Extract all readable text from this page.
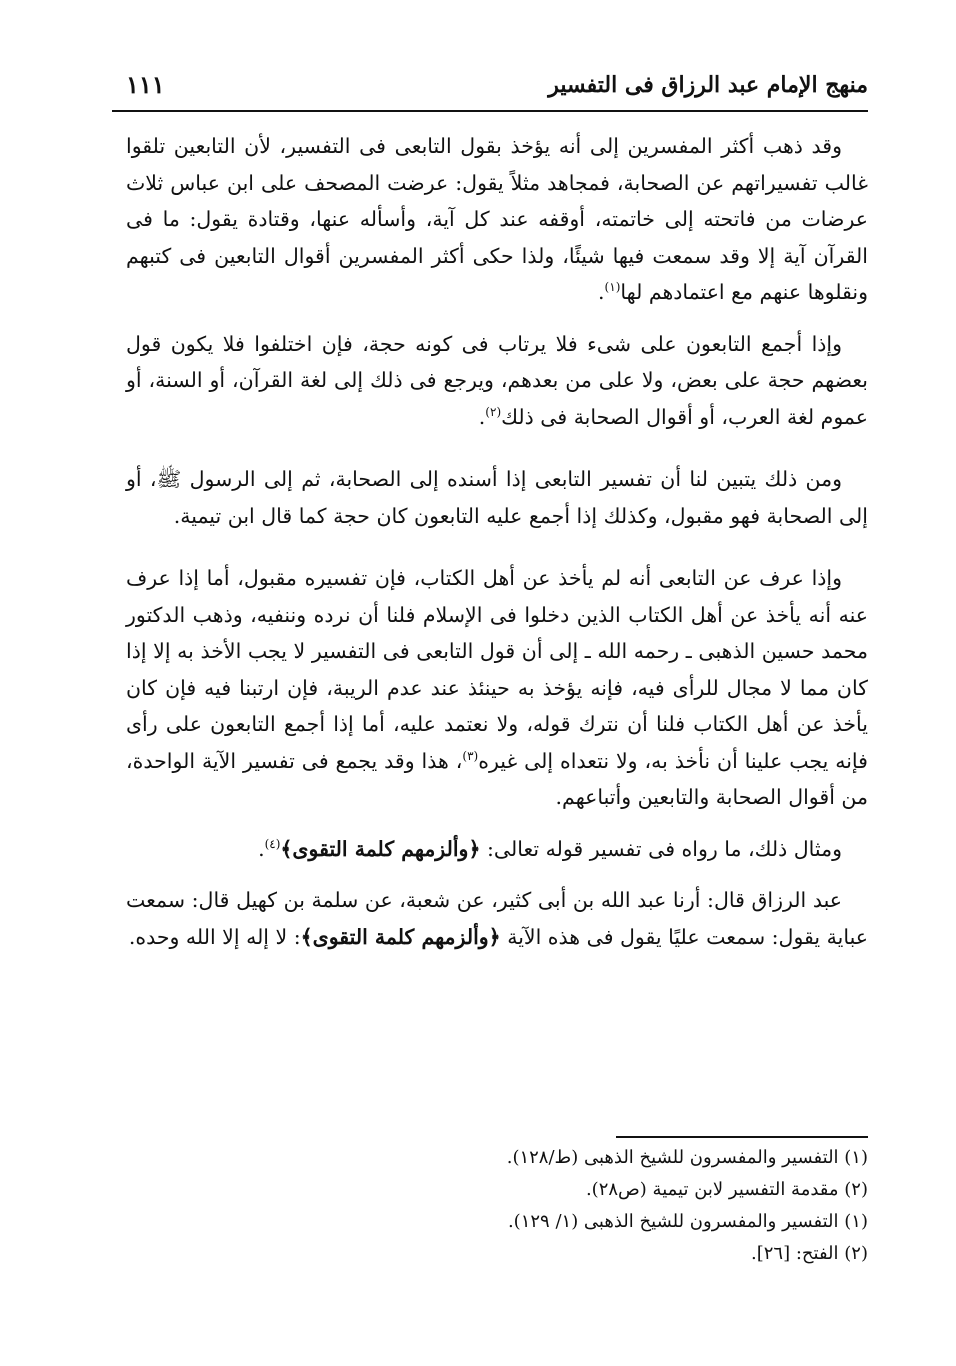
منهج الإمام عبد الرزاق فى التفسير
١١١

وقد ذهب أكثر المفسرين إلى أنه يؤخذ بقول التابعى فى التفسير، لأن التابعين تلقوا غالب تفسيراتهم عن الصحابة، فمجاهد مثلاً يقول: عرضت المصحف على ابن عباس ثلاث عرضات من فاتحته إلى خاتمته، أوقفه عند كل آية، وأسأله عنها، وقتادة يقول: ما فى القرآن آية إلا وقد سمعت فيها شيئًا، ولذا حكى أكثر المفسرين أقوال التابعين فى كتبهم ونقلوها عنهم مع اعتمادهم لها$^{(١)}$.

وإذا أجمع التابعون على شىء فلا يرتاب فى كونه حجة، فإن اختلفوا فلا يكون قول بعضهم حجة على بعض، ولا على من بعدهم، ويرجع فى ذلك إلى لغة القرآن، أو السنة، أو عموم لغة العرب، أو أقوال الصحابة فى ذلك$^{(٢)}$.

ومن ذلك يتبين لنا أن تفسير التابعى إذا أسنده إلى الصحابة، ثم إلى الرسول ﷺ، أو إلى الصحابة فهو مقبول، وكذلك إذا أجمع عليه التابعون كان حجة كما قال ابن تيمية.

وإذا عرف عن التابعى أنه لم يأخذ عن أهل الكتاب، فإن تفسيره مقبول، أما إذا عرف عنه أنه يأخذ عن أهل الكتاب الذين دخلوا فى الإسلام فلنا أن نرده وننفيه، وذهب الدكتور محمد حسين الذهبى ـ رحمه الله ـ إلى أن قول التابعى فى التفسير لا يجب الأخذ به إلا إذا كان مما لا مجال للرأى فيه، فإنه يؤخذ به حينئذ عند عدم الريبة، فإن ارتبنا فيه فإن كان يأخذ عن أهل الكتاب فلنا أن نترك قوله، ولا نعتمد عليه، أما إذا أجمع التابعون على رأى فإنه يجب علينا أن نأخذ به، ولا نتعداه إلى غيره$^{(٣)}$، هذا وقد يجمع فى تفسير الآية الواحدة، من أقوال الصحابة والتابعين وأتباعهم.

ومثال ذلك، ما رواه فى تفسير قوله تعالى: ﴿وألزمهم كلمة التقوى﴾$^{(٤)}$.

عبد الرزاق قال: أرنا عبد الله بن أبى كثير، عن شعبة، عن سلمة بن كهيل قال: سمعت عباية يقول: سمعت عليًا يقول فى هذه الآية ﴿وألزمهم كلمة التقوى﴾: لا إله إلا الله وحده.

(١) التفسير والمفسرون للشيخ الذهبى (ط/١٢٨).
(٢) مقدمة التفسير لابن تيمية (ص٢٨).
(١) التفسير والمفسرون للشيخ الذهبى (١/ ١٢٩).
(٢) الفتح: [٢٦].
